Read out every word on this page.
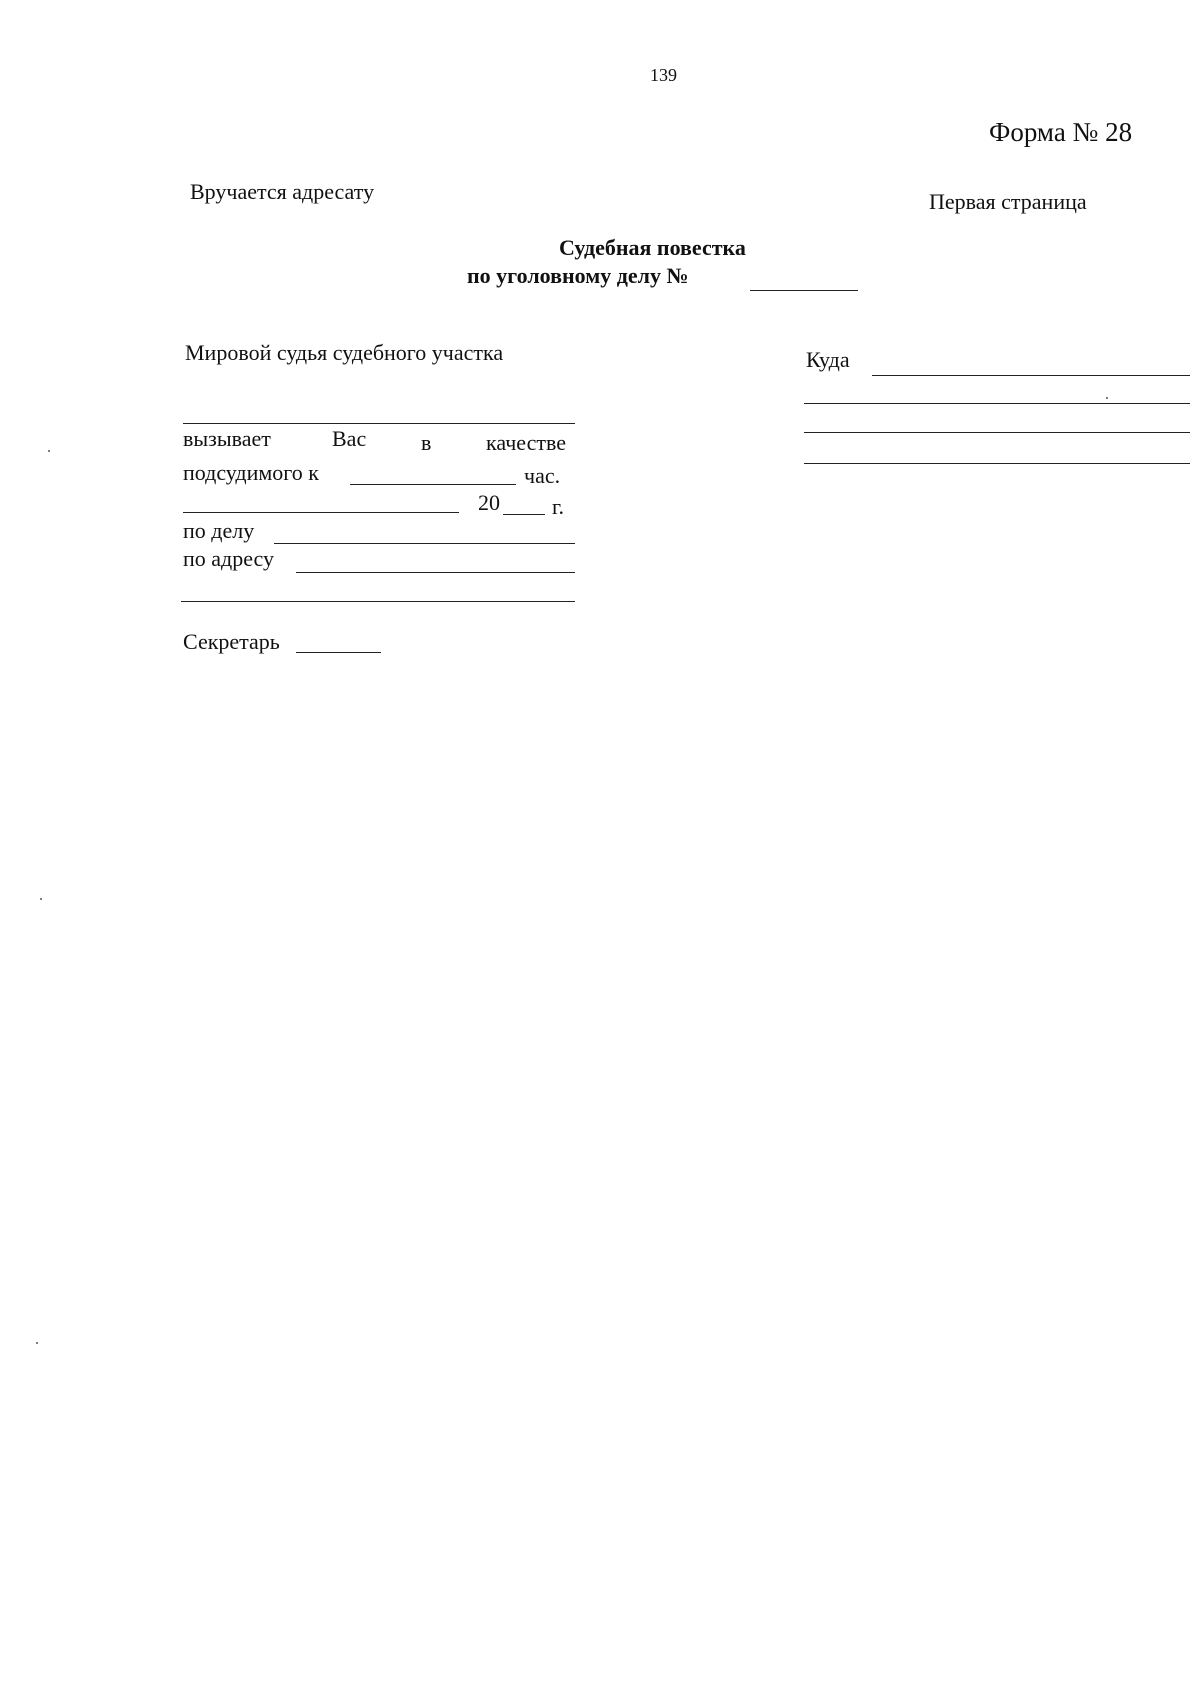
139
Форма № 28
Вручается адресату	Первая страница
Судебная повестка
по уголовному делу №
Мировой судья судебного участка	Куда
вызывает	Вас в качестве
подсудимого к	час.
20 г.
по делу
по адресу
Секретарь
